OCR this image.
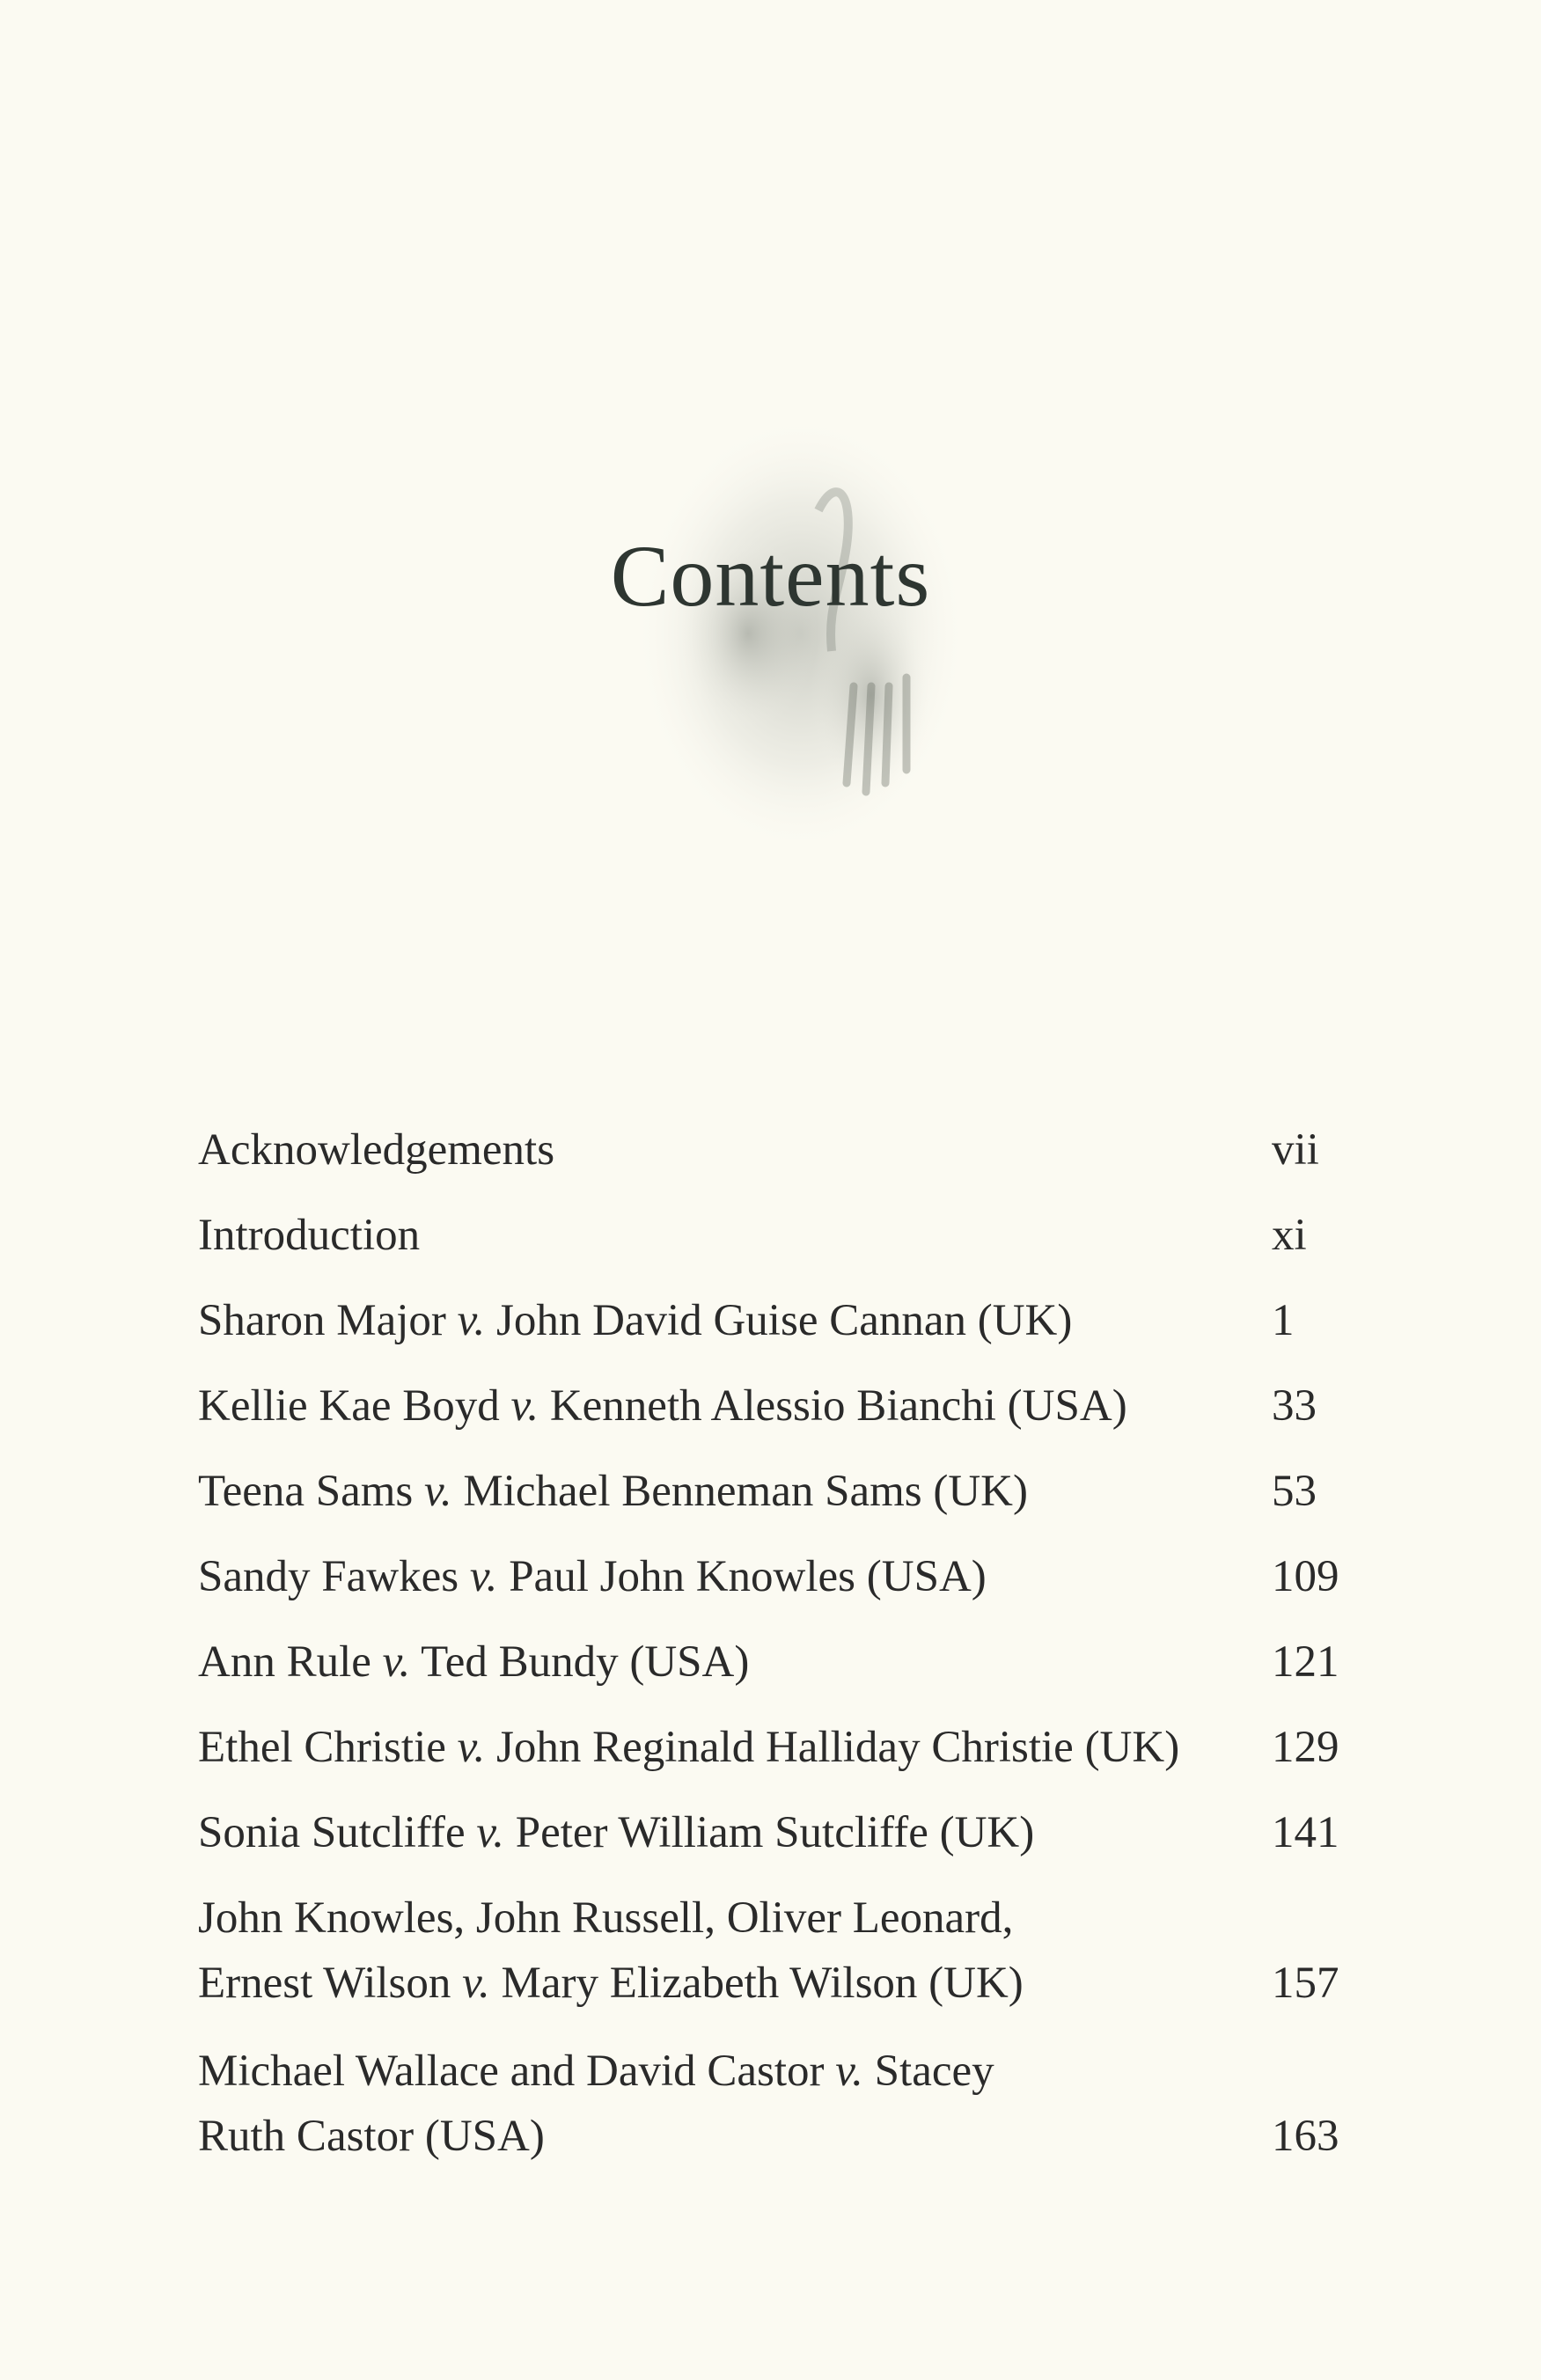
Contents
Acknowledgements	vii
Introduction	xi
Sharon Major v. John David Guise Cannan (UK)	1
Kellie Kae Boyd v. Kenneth Alessio Bianchi (USA)	33
Teena Sams v. Michael Benneman Sams (UK)	53
Sandy Fawkes v. Paul John Knowles (USA)	109
Ann Rule v. Ted Bundy (USA)	121
Ethel Christie v. John Reginald Halliday Christie (UK)	129
Sonia Sutcliffe v. Peter William Sutcliffe (UK)	141
John Knowles, John Russell, Oliver Leonard,
Ernest Wilson v. Mary Elizabeth Wilson (UK)	157
Michael Wallace and David Castor v. Stacey
Ruth Castor (USA)	163
